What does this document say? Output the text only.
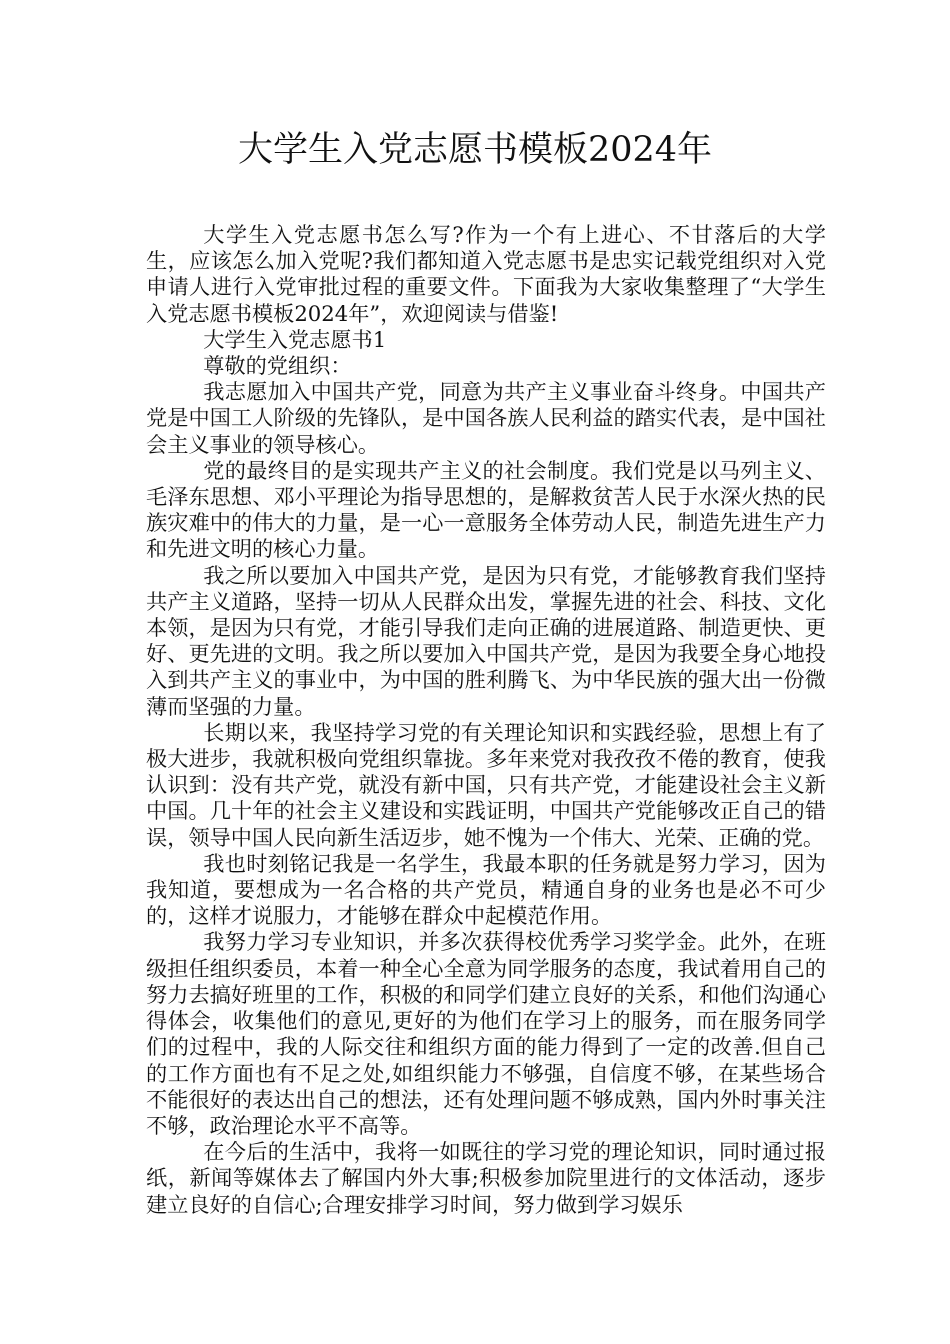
大学生入党志愿书模板2024年

大学生入党志愿书怎么写?作为一个有上进心、不甘落后的大学生，应该怎么加入党呢?我们都知道入党志愿书是忠实记载党组织对入党申请人进行入党审批过程的重要文件。下面我为大家收集整理了“大学生入党志愿书模板2024年”，欢迎阅读与借鉴!

大学生入党志愿书1

尊敬的党组织：

我志愿加入中国共产党，同意为共产主义事业奋斗终身。中国共产党是中国工人阶级的先锋队，是中国各族人民利益的踏实代表，是中国社会主义事业的领导核心。

党的最终目的是实现共产主义的社会制度。我们党是以马列主义、毛泽东思想、邓小平理论为指导思想的，是解救贫苦人民于水深火热的民族灾难中的伟大的力量，是一心一意服务全体劳动人民，制造先进生产力和先进文明的核心力量。

我之所以要加入中国共产党，是因为只有党，才能够教育我们坚持共产主义道路，坚持一切从人民群众出发，掌握先进的社会、科技、文化本领，是因为只有党，才能引导我们走向正确的进展道路、制造更快、更好、更先进的文明。我之所以要加入中国共产党，是因为我要全身心地投入到共产主义的事业中，为中国的胜利腾飞、为中华民族的强大出一份微薄而坚强的力量。

长期以来，我坚持学习党的有关理论知识和实践经验，思想上有了极大进步，我就积极向党组织靠拢。多年来党对我孜孜不倦的教育，使我认识到：没有共产党，就没有新中国，只有共产党，才能建设社会主义新中国。几十年的社会主义建设和实践证明，中国共产党能够改正自己的错误，领导中国人民向新生活迈步，她不愧为一个伟大、光荣、正确的党。

我也时刻铭记我是一名学生，我最本职的任务就是努力学习，因为我知道，要想成为一名合格的共产党员，精通自身的业务也是必不可少的，这样才说服力，才能够在群众中起模范作用。

我努力学习专业知识，并多次获得校优秀学习奖学金。此外，在班级担任组织委员，本着一种全心全意为同学服务的态度，我试着用自己的努力去搞好班里的工作，积极的和同学们建立良好的关系，和他们沟通心得体会，收集他们的意见,更好的为他们在学习上的服务，而在服务同学们的过程中，我的人际交往和组织方面的能力得到了一定的改善.但自己的工作方面也有不足之处,如组织能力不够强，自信度不够，在某些场合不能很好的表达出自己的想法，还有处理问题不够成熟，国内外时事关注不够，政治理论水平不高等。

在今后的生活中，我将一如既往的学习党的理论知识，同时通过报纸，新闻等媒体去了解国内外大事;积极参加院里进行的文体活动，逐步建立良好的自信心;合理安排学习时间，努力做到学习娱乐
